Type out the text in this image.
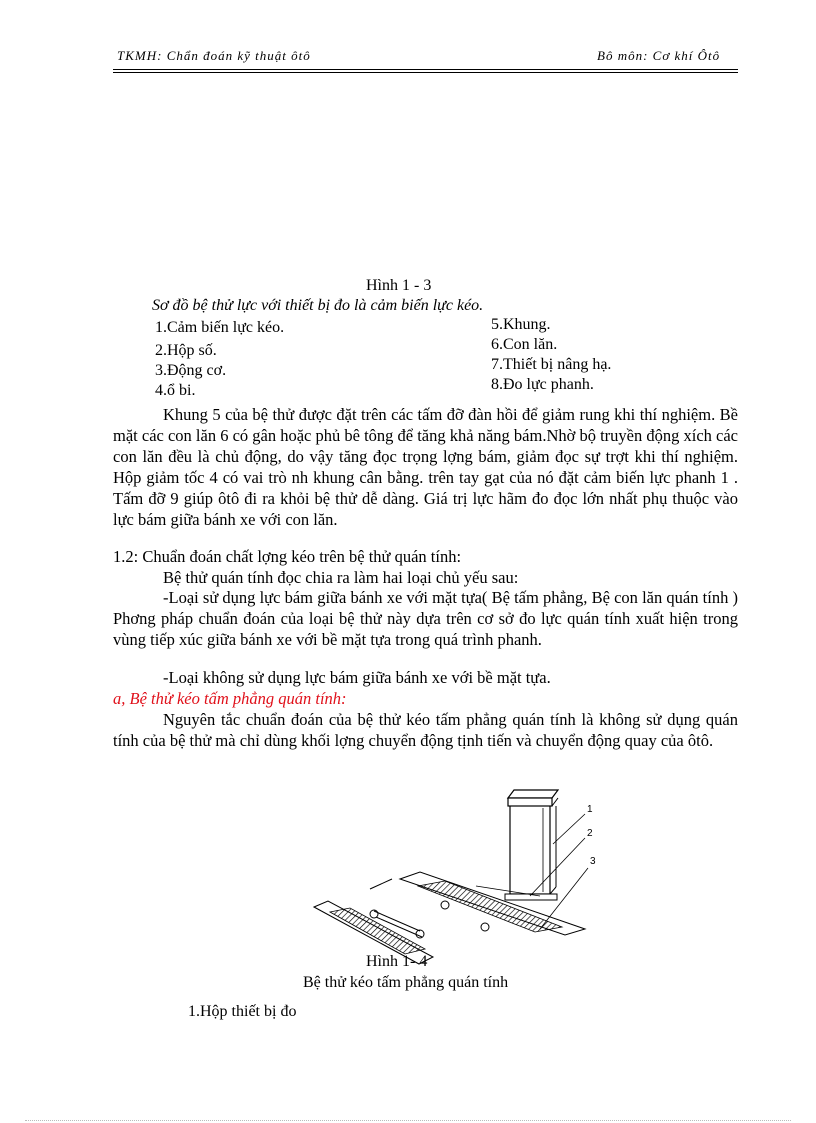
TKMH: Chẩn đoán kỹ thuật ôtô	Bô môn: Cơ khí Ôtô
Hình 1 - 3
Sơ đồ bệ thử lực với thiết bị đo là cảm biến lực kéo.
1.Cảm biến lực kéo.
2.Hộp số.
3.Động cơ.
4.ổ bi.
5.Khung.
6.Con lăn.
7.Thiết bị nâng hạ.
8.Đo lực phanh.
Khung 5 của bệ thử được đặt trên các tấm đỡ đàn hồi để giảm rung khi thí nghiệm. Bề mặt các con lăn 6 có gân hoặc phủ bê tông để tăng khả năng bám.Nhờ bộ truyền động xích các con lăn đều là chủ động, do vậy tăng đọc trọng lợng bám, giảm đọc sự trợt khi thí nghiệm. Hộp giảm tốc 4 có vai trò nh khung cân bằng. trên tay gạt của nó đặt cảm biến lực phanh 1 . Tấm đỡ 9 giúp ôtô đi ra khỏi bệ thử dễ dàng. Giá trị lực hãm đo đọc lớn nhất phụ thuộc vào lực bám giữa bánh xe với con lăn.
1.2: Chuẩn đoán chất lợng kéo trên bệ thử quán tính:
Bệ thử quán tính đọc chia ra làm hai loại chủ yếu sau:
-Loại sử dụng lực bám giữa bánh xe với mặt tựa( Bệ tấm phẳng, Bệ con lăn quán tính ) Phơng pháp chuẩn đoán của loại bệ thử này dựa trên cơ sở đo lực quán tính xuất hiện trong vùng tiếp xúc giữa bánh xe với bề mặt tựa trong quá trình phanh.
-Loại không sử dụng lực bám giữa bánh xe với bề mặt tựa.
a, Bệ thử kéo tấm phẳng quán tính:
Nguyên tắc chuẩn đoán của bệ thử kéo tấm phẳng quán tính là không sử dụng quán tính của bệ thử mà chỉ dùng khối lợng chuyển động tịnh tiến và chuyển động quay của ôtô.
1
2
3
Hình 1- 4
Bệ thử kéo tấm phẳng quán tính
1.Hộp thiết bị đo
